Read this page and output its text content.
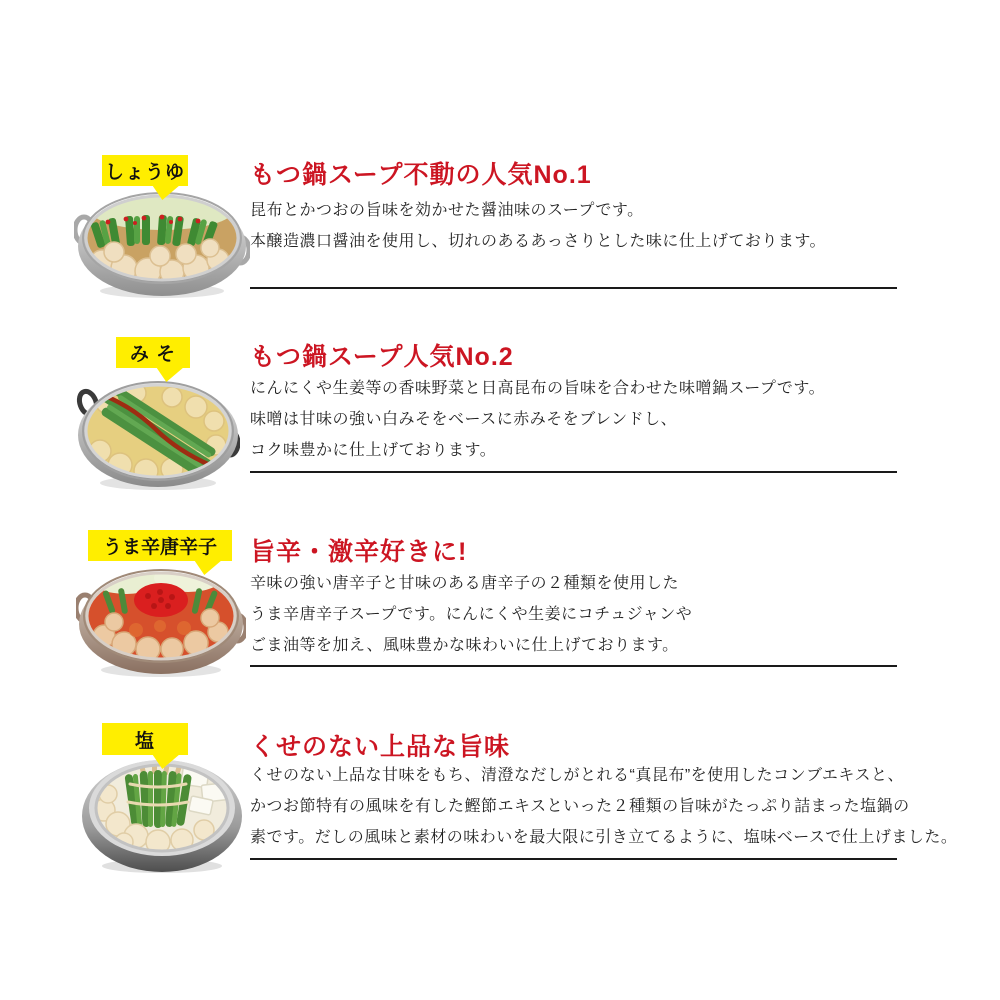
しょうゆ	もつ鍋スープ不動の人気No.1
昆布とかつおの旨味を効かせた醤油味のスープです。
本醸造濃口醤油を使用し、切れのあるあっさりとした味に仕上げております。
み そ	もつ鍋スープ人気No.2
にんにくや生姜等の香味野菜と日高昆布の旨味を合わせた味噌鍋スープです。
味噌は甘味の強い白みそをベースに赤みそをブレンドし、
コク味豊かに仕上げております。
うま辛唐辛子 旨辛・激辛好きに!
辛味の強い唐辛子と甘味のある唐辛子の２種類を使用した
うま辛唐辛子スープです。にんにくや生姜にコチュジャンや
ごま油等を加え、風味豊かな味わいに仕上げております。
塩	くせのない上品な旨味
くせのない上品な甘味をもち、清澄なだしがとれる“真昆布”を使用したコンブエキスと、
かつお節特有の風味を有した鰹節エキスといった２種類の旨味がたっぷり詰まった塩鍋の
素です。だしの風味と素材の味わいを最大限に引き立てるように、塩味ベースで仕上げました。
